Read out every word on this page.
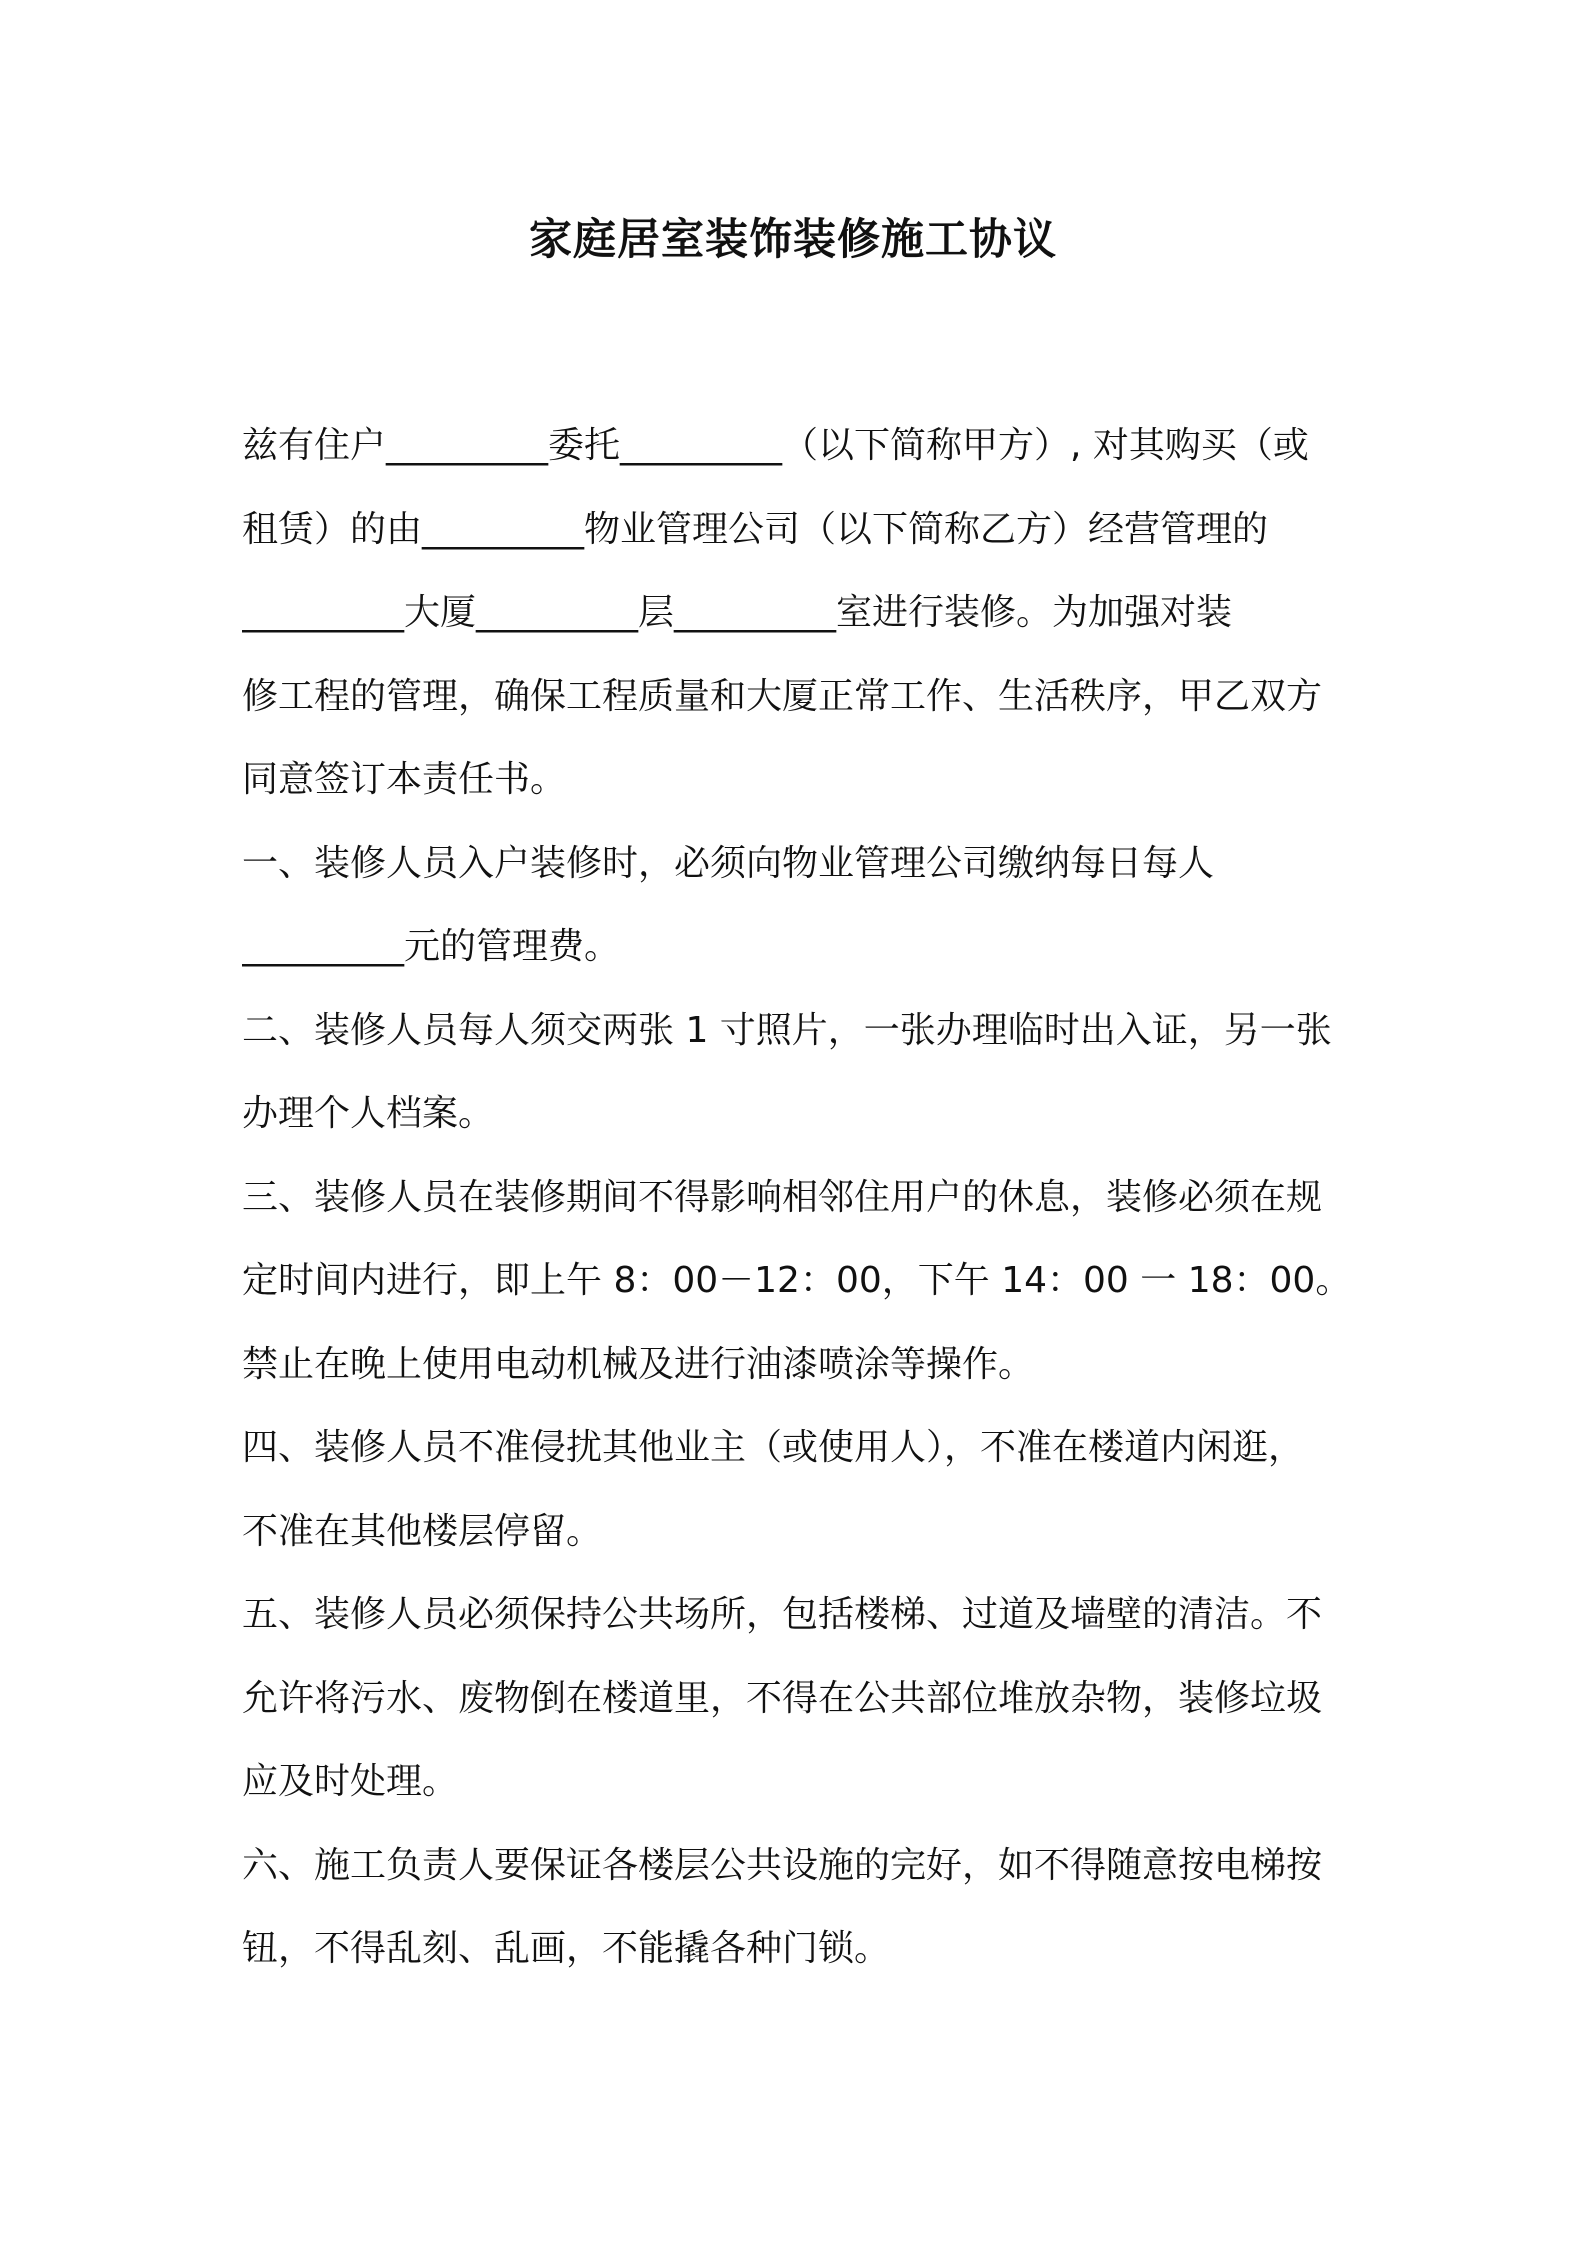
家庭居室装饰装修施工协议
兹有住户_________委托_________（以下简称甲方）, 对其购买（或
租赁）的由_________物业管理公司（以下简称乙方）经营管理的
_________大厦_________层_________室进行装修。为加强对装
修工程的管理，确保工程质量和大厦正常工作、生活秩序，甲乙双方
同意签订本责任书。
一、装修人员入户装修时，必须向物业管理公司缴纳每日每人
_________元的管理费。
二、装修人员每人须交两张 1 寸照片，一张办理临时出入证，另一张
办理个人档案。
三、装修人员在装修期间不得影响相邻住用户的休息，装修必须在规
定时间内进行，即上午 8：00－12：00，下午 14：00 一 18：00。
禁止在晚上使用电动机械及进行油漆喷涂等操作。
四、装修人员不准侵扰其他业主（或使用人），不准在楼道内闲逛，
不准在其他楼层停留。
五、装修人员必须保持公共场所，包括楼梯、过道及墙壁的清洁。不
允许将污水、废物倒在楼道里，不得在公共部位堆放杂物，装修垃圾
应及时处理。
六、施工负责人要保证各楼层公共设施的完好，如不得随意按电梯按
钮，不得乱刻、乱画，不能撬各种门锁。
